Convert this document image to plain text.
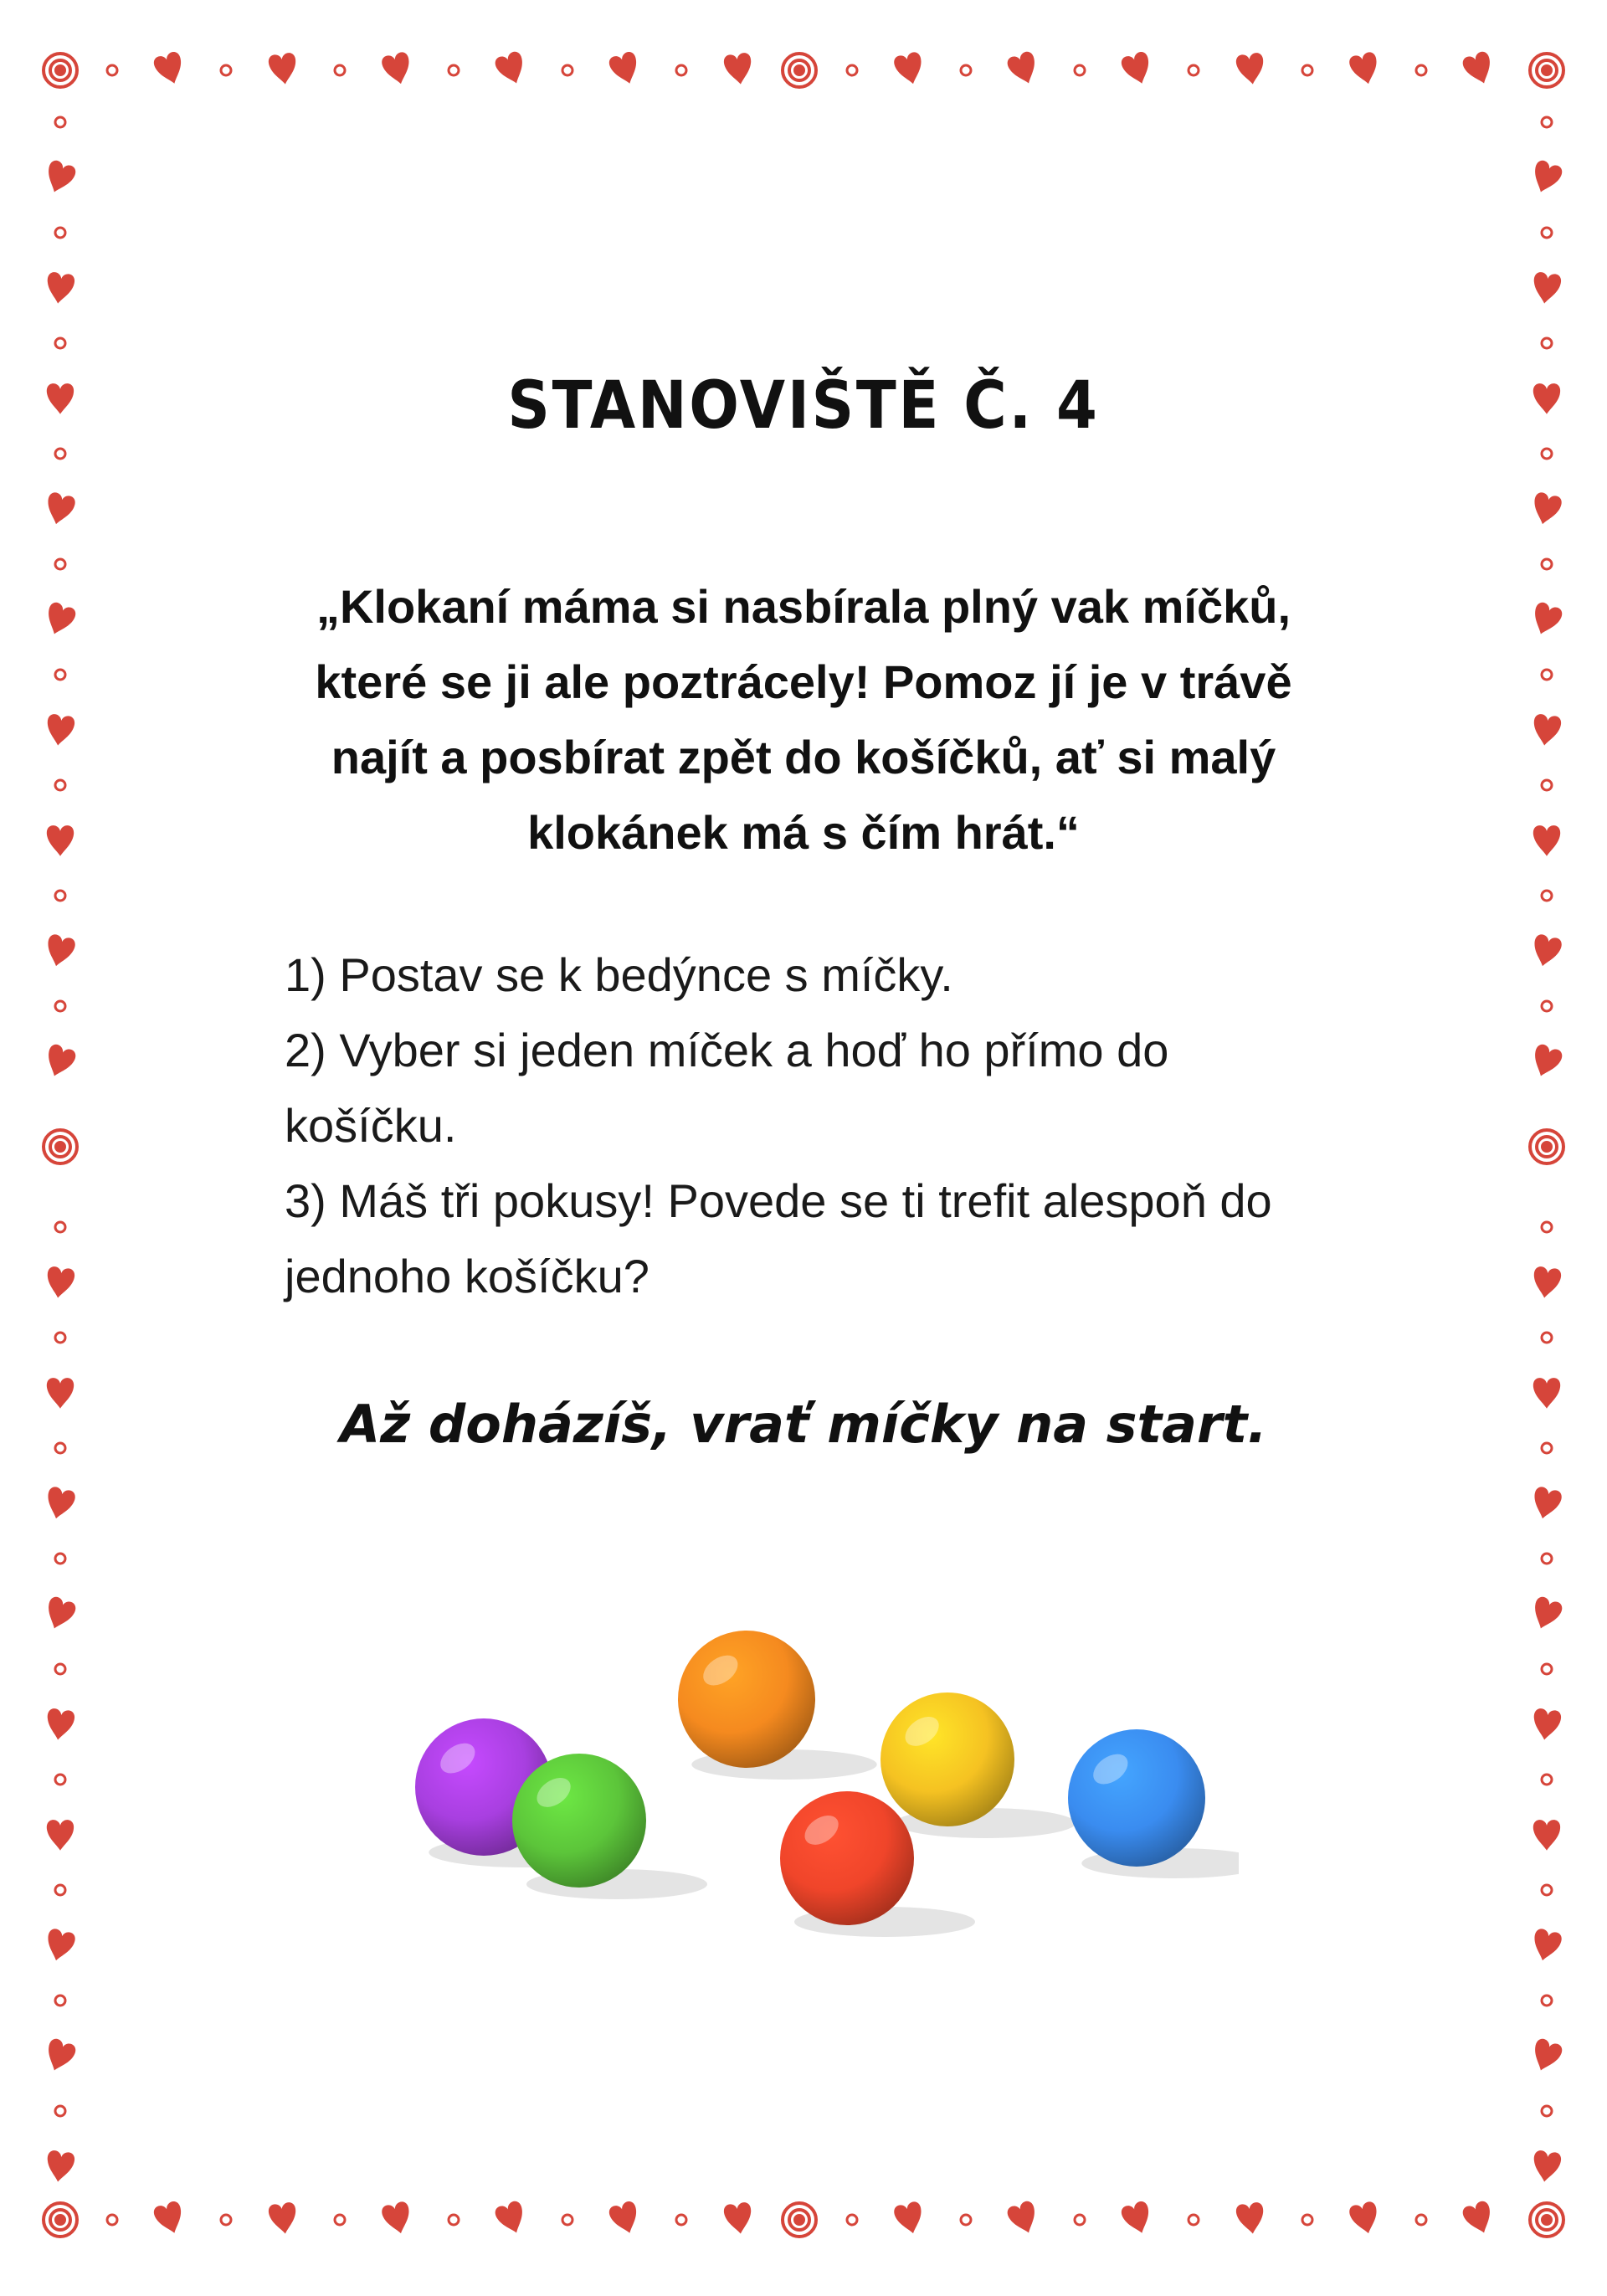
STANOVIŠTĚ Č. 4
„Klokaní máma si nasbírala plný vak míčků,
které se ji ale poztrácely! Pomoz jí je v trávě
najít a posbírat zpět do košíčků, ať si malý
klokánek má s čím hrát.“
1) Postav se k bedýnce s míčky.
2) Vyber si jeden míček a hoď ho přímo do
košíčku.
3) Máš tři pokusy! Povede se ti trefit alespoň do
jednoho košíčku?
Až doházíš, vrať míčky na start.
